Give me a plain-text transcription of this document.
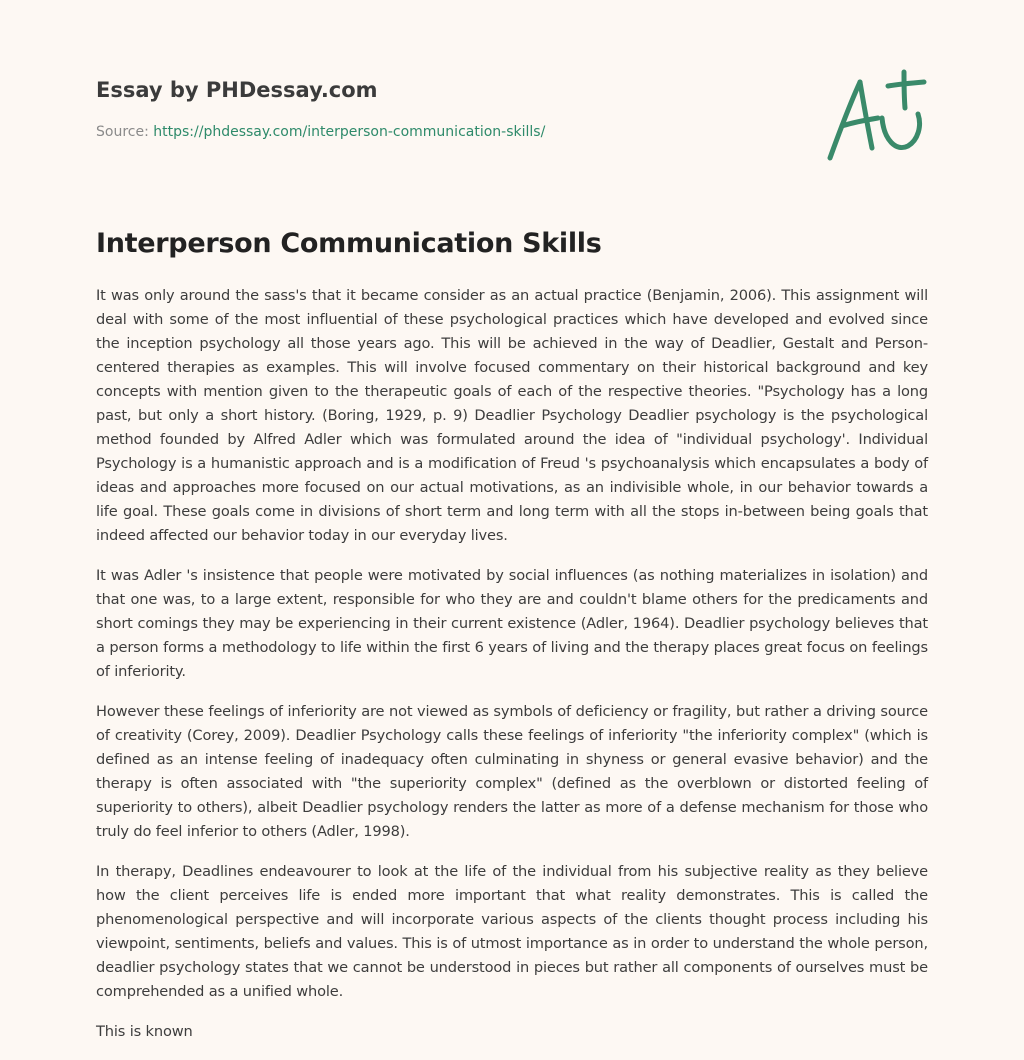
Essay by PHDessay.com
Source: https://phdessay.com/interperson-communication-skills/
Interperson Communication Skills

It was only around the sass's that it became consider as an actual practice (Benjamin, 2006). This assignment will deal with some of the most influential of these psychological practices which have developed and evolved since the inception psychology all those years ago. This will be achieved in the way of Deadlier, Gestalt and Person-centered therapies as examples. This will involve focused commentary on their historical background and key concepts with mention given to the therapeutic goals of each of the respective theories. "Psychology has a long past, but only a short history. (Boring, 1929, p. 9) Deadlier Psychology Deadlier psychology is the psychological method founded by Alfred Adler which was formulated around the idea of "individual psychology'. Individual Psychology is a humanistic approach and is a modification of Freud 's psychoanalysis which encapsulates a body of ideas and approaches more focused on our actual motivations, as an indivisible whole, in our behavior towards a life goal. These goals come in divisions of short term and long term with all the stops in-between being goals that indeed affected our behavior today in our everyday lives.

It was Adler 's insistence that people were motivated by social influences (as nothing materializes in isolation) and that one was, to a large extent, responsible for who they are and couldn't blame others for the predicaments and short comings they may be experiencing in their current existence (Adler, 1964). Deadlier psychology believes that a person forms a methodology to life within the first 6 years of living and the therapy places great focus on feelings of inferiority.

However these feelings of inferiority are not viewed as symbols of deficiency or fragility, but rather a driving source of creativity (Corey, 2009). Deadlier Psychology calls these feelings of inferiority "the inferiority complex" (which is defined as an intense feeling of inadequacy often culminating in shyness or general evasive behavior) and the therapy is often associated with "the superiority complex" (defined as the overblown or distorted feeling of superiority to others), albeit Deadlier psychology renders the latter as more of a defense mechanism for those who truly do feel inferior to others (Adler, 1998).

In therapy, Deadlines endeavourer to look at the life of the individual from his subjective reality as they believe how the client perceives life is ended more important that what reality demonstrates. This is called the phenomenological perspective and will incorporate various aspects of the clients thought process including his viewpoint, sentiments, beliefs and values. This is of utmost importance as in order to understand the whole person, deadlier psychology states that we cannot be understood in pieces but rather all components of ourselves must be comprehended as a unified whole.

This is known
